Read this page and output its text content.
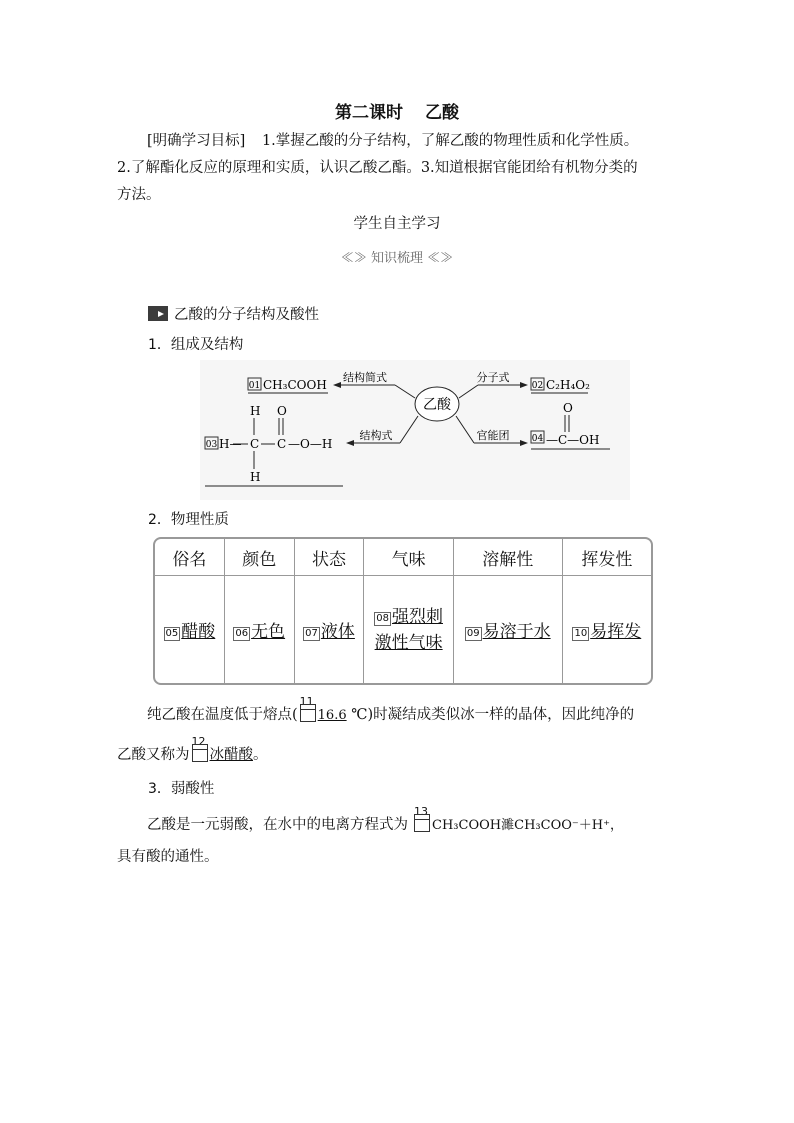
第二课时 乙酸
[明确学习目标] 1.掌握乙酸的分子结构，了解乙酸的物理性质和化学性质。
2.了解酯化反应的原理和实质，认识乙酸乙酯。3.知道根据官能团给有机物分类的
方法。
学生自主学习
≪≫ 知识梳理 ≪≫
乙酸的分子结构及酸性
1．组成及结构
乙酸
结构简式	分子式
结构式	官能团
01 CH₃COOH	02 C₂H₄O₂
03 H— C C —O—H
H
H
O
04 —C—OH
O
2．物理性质
俗名	颜色	状态	气味	溶解性	挥发性
05 醋酸	06 无色	07 液体	08 强烈刺
激性气味	09 易溶于水	10 易挥发
纯乙酸在温度低于熔点(
11
16.6 ℃)时凝结成类似冰一样的晶体，因此纯净的
乙酸又称为
12
冰醋酸。
3．弱酸性
乙酸是一元弱酸，在水中的电离方程式为
13
CH₃COOH濉CH₃COO⁻＋H⁺，
具有酸的通性。
